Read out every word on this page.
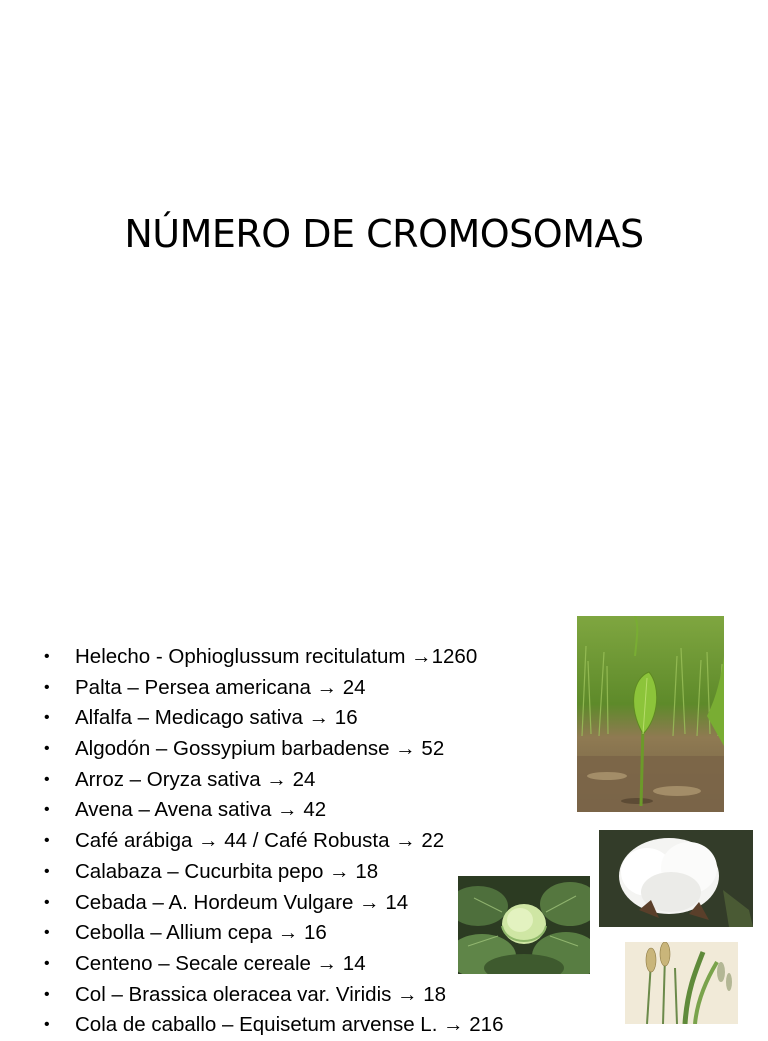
NÚMERO DE CROMOSOMAS
• Helecho - Ophioglussum recitulatum →1260
• Palta – Persea americana → 24
• Alfalfa – Medicago sativa → 16
• Algodón – Gossypium barbadense → 52
• Arroz – Oryza sativa → 24
• Avena – Avena sativa → 42
• Café arábiga → 44 / Café Robusta → 22
• Calabaza – Cucurbita pepo → 18
• Cebada – A. Hordeum Vulgare → 14
• Cebolla – Allium cepa → 16
• Centeno – Secale cereale → 14
• Col – Brassica oleracea var. Viridis → 18
• Cola de caballo – Equisetum arvense L. → 216
